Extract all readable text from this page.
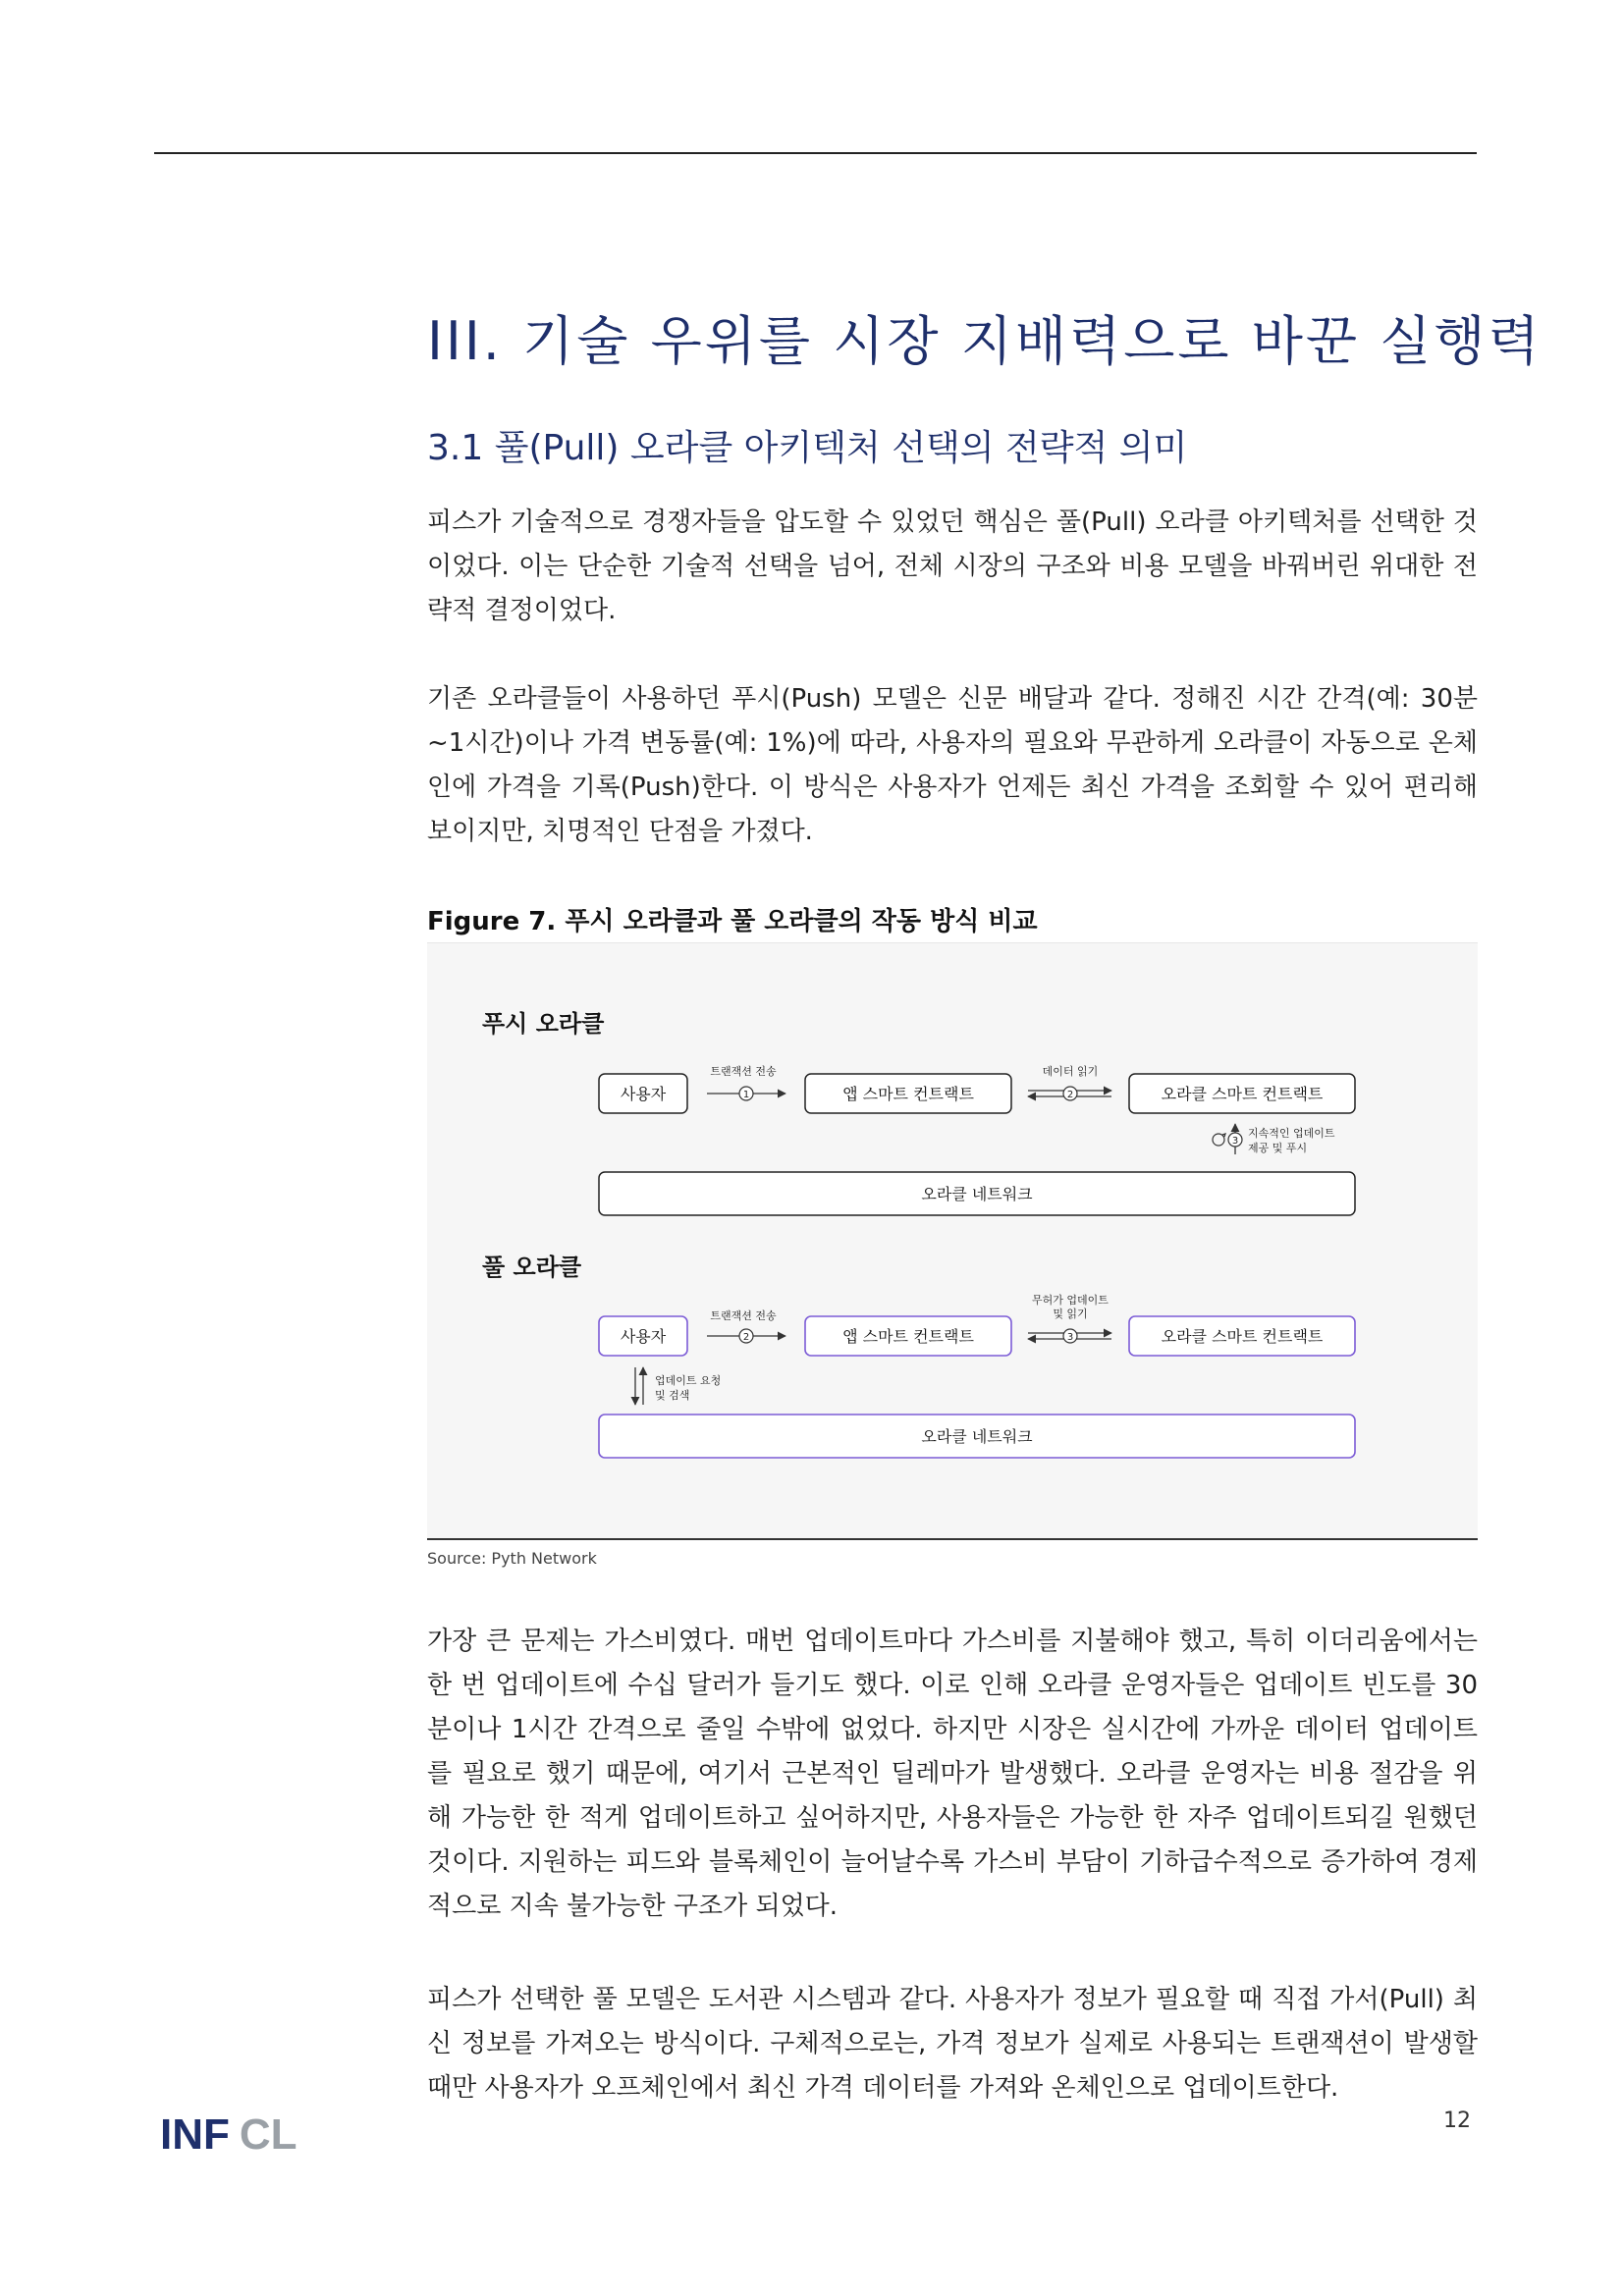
III. 기술 우위를 시장 지배력으로 바꾼 실행력
3.1 풀(Pull) 오라클 아키텍처 선택의 전략적 의미

피스가 기술적으로 경쟁자들을 압도할 수 있었던 핵심은 풀(Pull) 오라클 아키텍처를 선택한 것이었다. 이는 단순한 기술적 선택을 넘어, 전체 시장의 구조와 비용 모델을 바꿔버린 위대한 전략적 결정이었다.

기존 오라클들이 사용하던 푸시(Push) 모델은 신문 배달과 같다. 정해진 시간 간격(예: 30분~1시간)이나 가격 변동률(예: 1%)에 따라, 사용자의 필요와 무관하게 오라클이 자동으로 온체인에 가격을 기록(Push)한다. 이 방식은 사용자가 언제든 최신 가격을 조회할 수 있어 편리해 보이지만, 치명적인 단점을 가졌다.

Figure 7. 푸시 오라클과 풀 오라클의 작동 방식 비교

푸시 오라클
사용자
트랜잭션 전송
1	앱 스마트 컨트랙트
데이터 읽기
2	오라클 스마트 컨트랙트
3
지속적인 업데이트
제공 및 푸시
오라클 네트워크
풀 오라클
사용자
트랜잭션 전송
2	앱 스마트 컨트랙트
무허가 업데이트
및 읽기
3	오라클 스마트 컨트랙트
업데이트 요청
및 검색
오라클 네트워크

Source: Pyth Network

가장 큰 문제는 가스비였다. 매번 업데이트마다 가스비를 지불해야 했고, 특히 이더리움에서는 한 번 업데이트에 수십 달러가 들기도 했다. 이로 인해 오라클 운영자들은 업데이트 빈도를 30분이나 1시간 간격으로 줄일 수밖에 없었다. 하지만 시장은 실시간에 가까운 데이터 업데이트를 필요로 했기 때문에, 여기서 근본적인 딜레마가 발생했다. 오라클 운영자는 비용 절감을 위해 가능한 한 적게 업데이트하고 싶어하지만, 사용자들은 가능한 한 자주 업데이트되길 원했던 것이다. 지원하는 피드와 블록체인이 늘어날수록 가스비 부담이 기하급수적으로 증가하여 경제적으로 지속 불가능한 구조가 되었다.

피스가 선택한 풀 모델은 도서관 시스템과 같다. 사용자가 정보가 필요할 때 직접 가서(Pull) 최신 정보를 가져오는 방식이다. 구체적으로는, 가격 정보가 실제로 사용되는 트랜잭션이 발생할 때만 사용자가 오프체인에서 최신 가격 데이터를 가져와 온체인으로 업데이트한다.

INF CL	12
